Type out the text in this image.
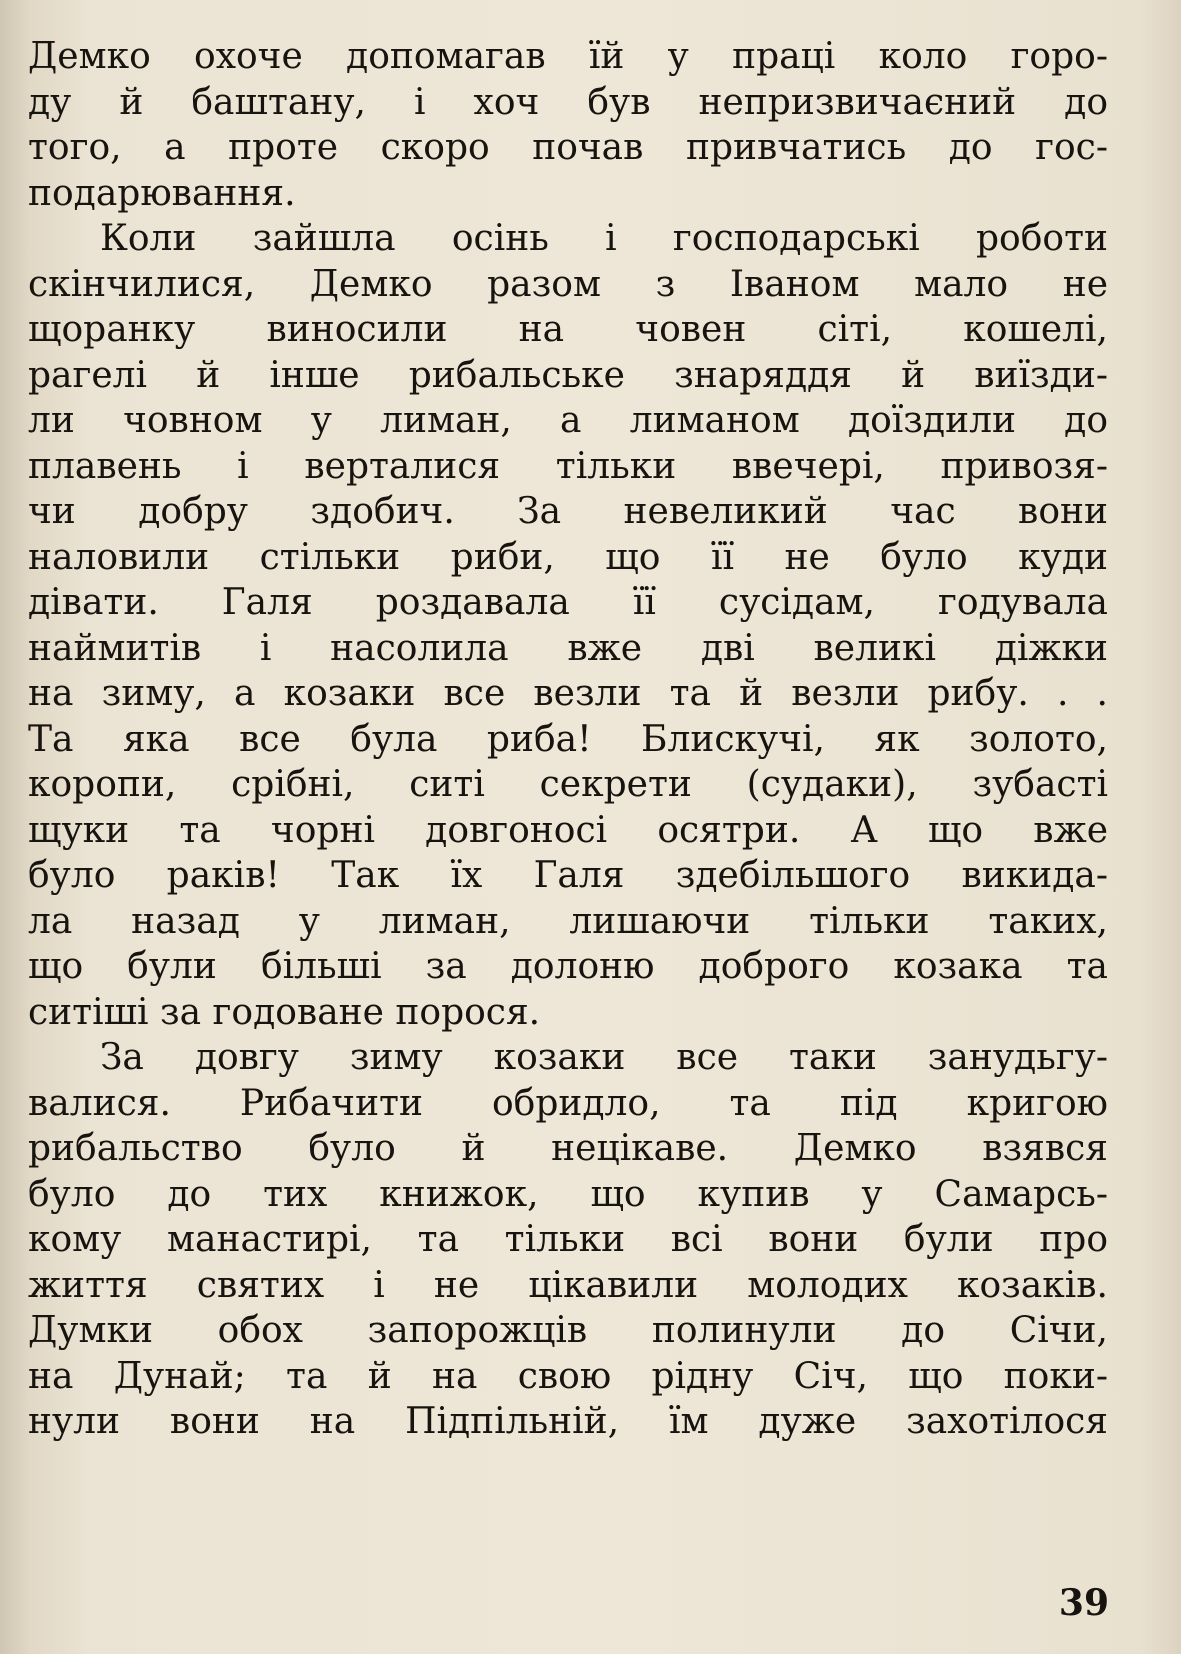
Демко охоче допомагав їй у праці коло горо-
ду й баштану, і хоч був непризвичаєний до
того, а проте скоро почав привчатись до гос-
подарювання.
Коли зайшла осінь і господарські роботи
скінчилися, Демко разом з Іваном мало не
щоранку виносили на човен сіті, кошелі,
рагелі й інше рибальське знаряддя й виїзди-
ли човном у лиман, а лиманом доїздили до
плавень і верталися тільки ввечері, привозя-
чи добру здобич. За невеликий час вони
наловили стільки риби, що її не було куди
дівати. Галя роздавала її сусідам, годувала
наймитів і насолила вже дві великі діжки
на зиму, а козаки все везли та й везли рибу. . .
Та яка все була риба! Блискучі, як золото,
коропи, срібні, ситі секрети (судаки), зубасті
щуки та чорні довгоносі осятри. А що вже
було раків! Так їх Галя здебільшого викида-
ла назад у лиман, лишаючи тільки таких,
що були більші за долоню доброго козака та
ситіші за годоване порося.
За довгу зиму козаки все таки занудьгу-
валися. Рибачити обридло, та під кригою
рибальство було й нецікаве. Демко взявся
було до тих книжок, що купив у Самарсь-
кому манастирі, та тільки всі вони були про
життя святих і не цікавили молодих козаків.
Думки обох запорожців полинули до Січи,
на Дунай; та й на свою рідну Січ, що поки-
нули вони на Підпільній, їм дуже захотілося
39
